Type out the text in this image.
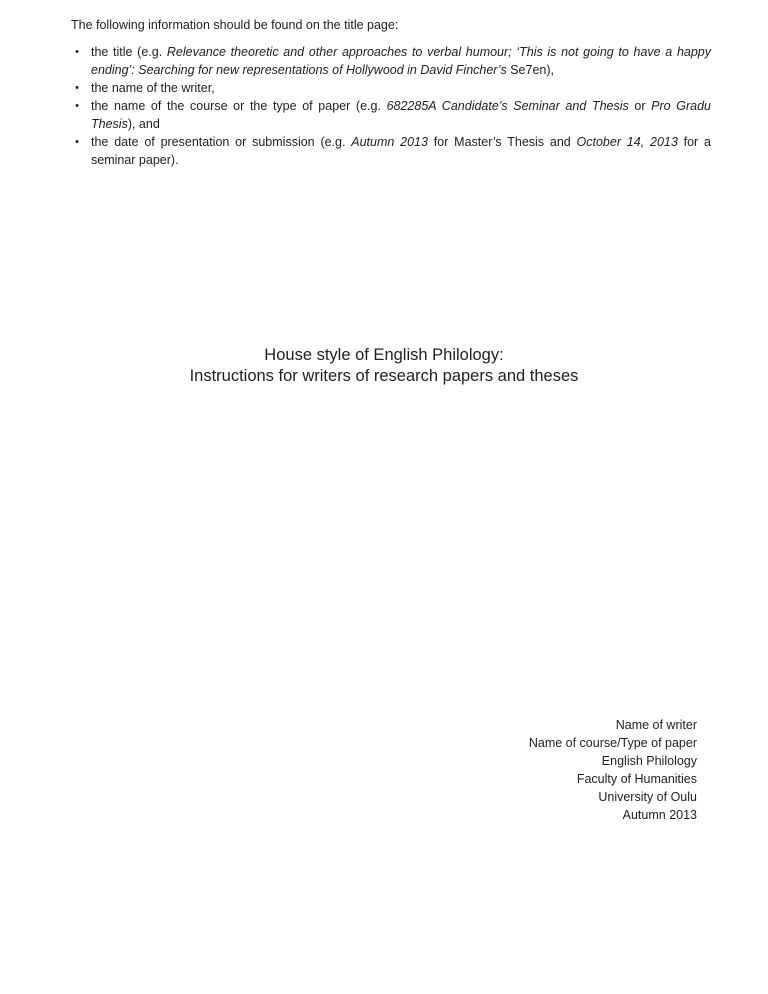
The following information should be found on the title page:

• the title (e.g. Relevance theoretic and other approaches to verbal humour; ‘This is not going to have a happy ending’: Searching for new representations of Hollywood in David Fincher’s Se7en),
• the name of the writer,
• the name of the course or the type of paper (e.g. 682285A Candidate’s Seminar and Thesis or Pro Gradu Thesis), and
• the date of presentation or submission (e.g. Autumn 2013 for Master’s Thesis and October 14, 2013 for a seminar paper).
House style of English Philology:
Instructions for writers of research papers and theses
Name of writer
Name of course/Type of paper
English Philology
Faculty of Humanities
University of Oulu
Autumn 2013
